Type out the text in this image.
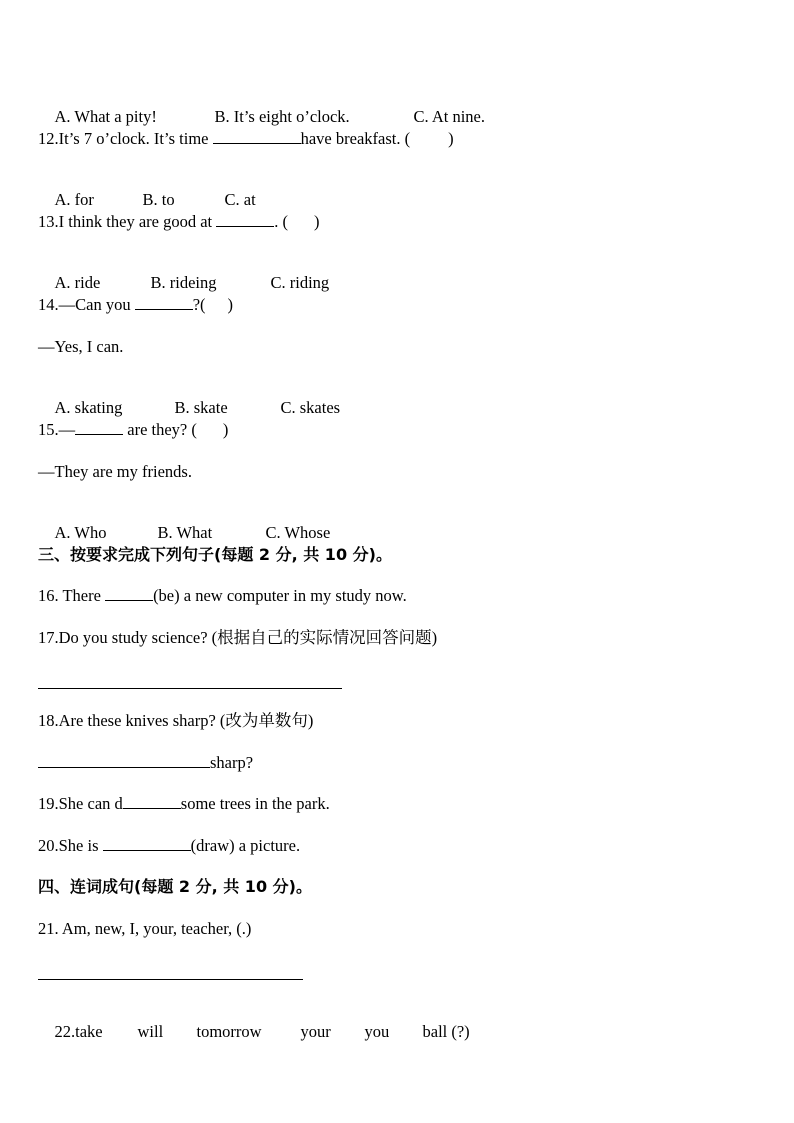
A. What a pity!	B. It’s eight o’clock.	C. At nine.

12.It’s 7 o’clock. It’s time	have breakfast. ( )

A. for	B. to	C. at

13.I think they are good at	. ( )

A. ride	B. rideing	C. riding

14.—Can you	?( )
—Yes, I can.

A. skating	B. skate	C. skates

15.—	are they? ( )
—They are my friends.

A. Who	B. What	C. Whose

三、按要求完成下列句子(每题 2 分, 共 10 分)。
16. There	(be) a new computer in my study now.
17.Do you study science? (根据自己的实际情况回答问题)
18.Are these knives sharp? (改为单数句)
sharp?
19.She can d	some trees in the park.
20.She is	(draw) a picture.
四、连词成句(每题 2 分, 共 10 分)。
21. Am, new, I, your, teacher, (.)

22.take will tomorrow your you ball (?)
